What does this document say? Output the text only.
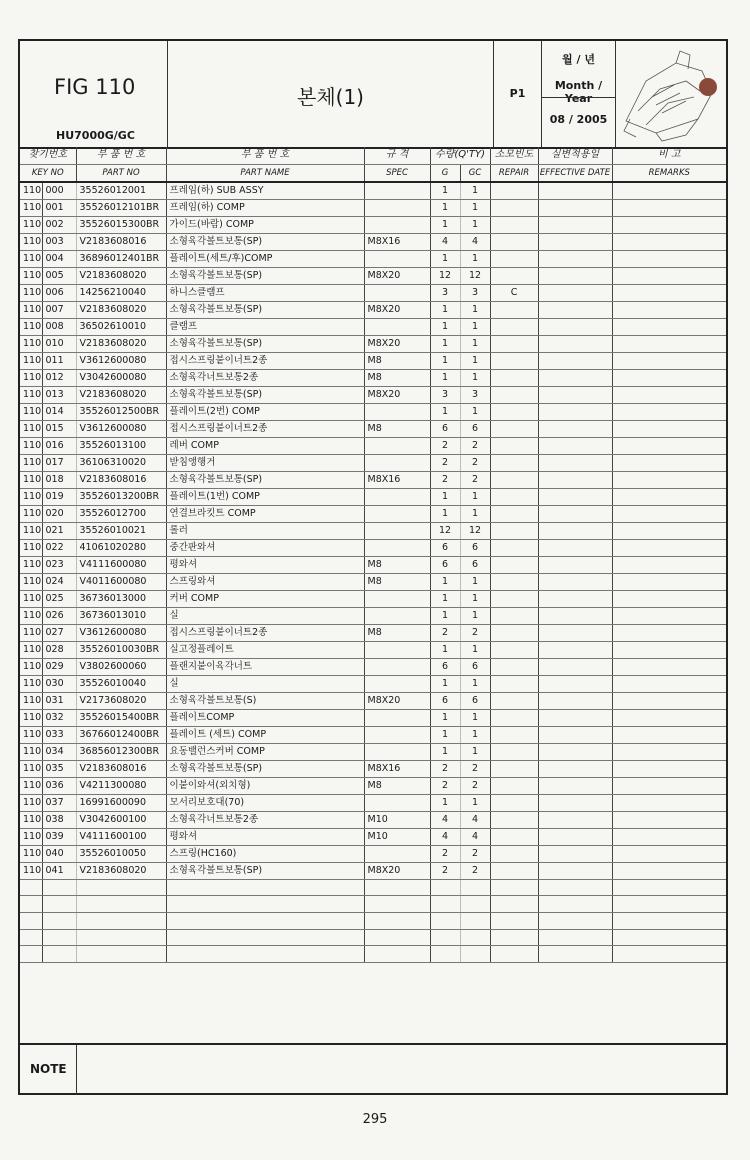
FIG 110
HU7000G/GC
본체(1)	P1
월 / 년
Month / Year
08 / 2005
찾기번호		부 품 번 호	부 품 번 호	규 격	수량(Q'TY)		소모빈도	실변적용일	비 고
KEY NO		PART NO	PART NAME	SPEC	G	GC	REPAIR	EFFECTIVE DATE	REMARKS
110	000	35526012001	프레임(하) SUB ASSY		1	1			
110	001	35526012101BR	프레임(하) COMP		1	1			
110	002	35526015300BR	가이드(바람) COMP		1	1			
110	003	V2183608016	소형육각볼트보통(SP)	M8X16	4	4			
110	004	36896012401BR	플레이트(세트/후)COMP		1	1			
110	005	V2183608020	소형육각볼트보통(SP)	M8X20	12	12			
110	006	14256210040	하니스클램프		3	3	C		
110	007	V2183608020	소형육각볼트보통(SP)	M8X20	1	1			
110	008	36502610010	클램프		1	1			
110	010	V2183608020	소형육각볼트보통(SP)	M8X20	1	1			
110	011	V3612600080	접시스프링붙이너트2종	M8	1	1			
110	012	V3042600080	소형육각너트보통2종	M8	1	1			
110	013	V2183608020	소형육각볼트보통(SP)	M8X20	3	3			
110	014	35526012500BR	플레이트(2번) COMP		1	1			
110	015	V3612600080	접시스프링붙이너트2종	M8	6	6			
110	016	35526013100	레버 COMP		2	2			
110	017	36106310020	받침앵행거		2	2			
110	018	V2183608016	소형육각볼트보통(SP)	M8X16	2	2			
110	019	35526013200BR	플레이트(1번) COMP		1	1			
110	020	35526012700	연결브라킷트 COMP		1	1			
110	021	35526010021	롤러		12	12			
110	022	41061020280	중간판와셔		6	6			
110	023	V4111600080	평와셔	M8	6	6			
110	024	V4011600080	스프링와셔	M8	1	1			
110	025	36736013000	커버 COMP		1	1			
110	026	36736013010	실		1	1			
110	027	V3612600080	접시스프링붙이너트2종	M8	2	2			
110	028	35526010030BR	실고정플레이트		1	1			
110	029	V3802600060	플랜지붙이육각너트		6	6			
110	030	35526010040	실		1	1			
110	031	V2173608020	소형육각볼트보통(S)	M8X20	6	6			
110	032	35526015400BR	플레이트COMP		1	1			
110	033	36766012400BR	플레이트 (세트) COMP		1	1			
110	034	36856012300BR	요동밸런스커버 COMP		1	1			
110	035	V2183608016	소형육각볼트보통(SP)	M8X16	2	2			
110	036	V4211300080	이붙이와셔(외치형)	M8	2	2			
110	037	16991600090	모서리보호대(70)		1	1			
110	038	V3042600100	소형육각너트보통2종	M10	4	4			
110	039	V4111600100	평와셔	M10	4	4			
110	040	35526010050	스프링(HC160)		2	2			
110	041	V2183608020	소형육각볼트보통(SP)	M8X20	2	2			

NOTE
295
